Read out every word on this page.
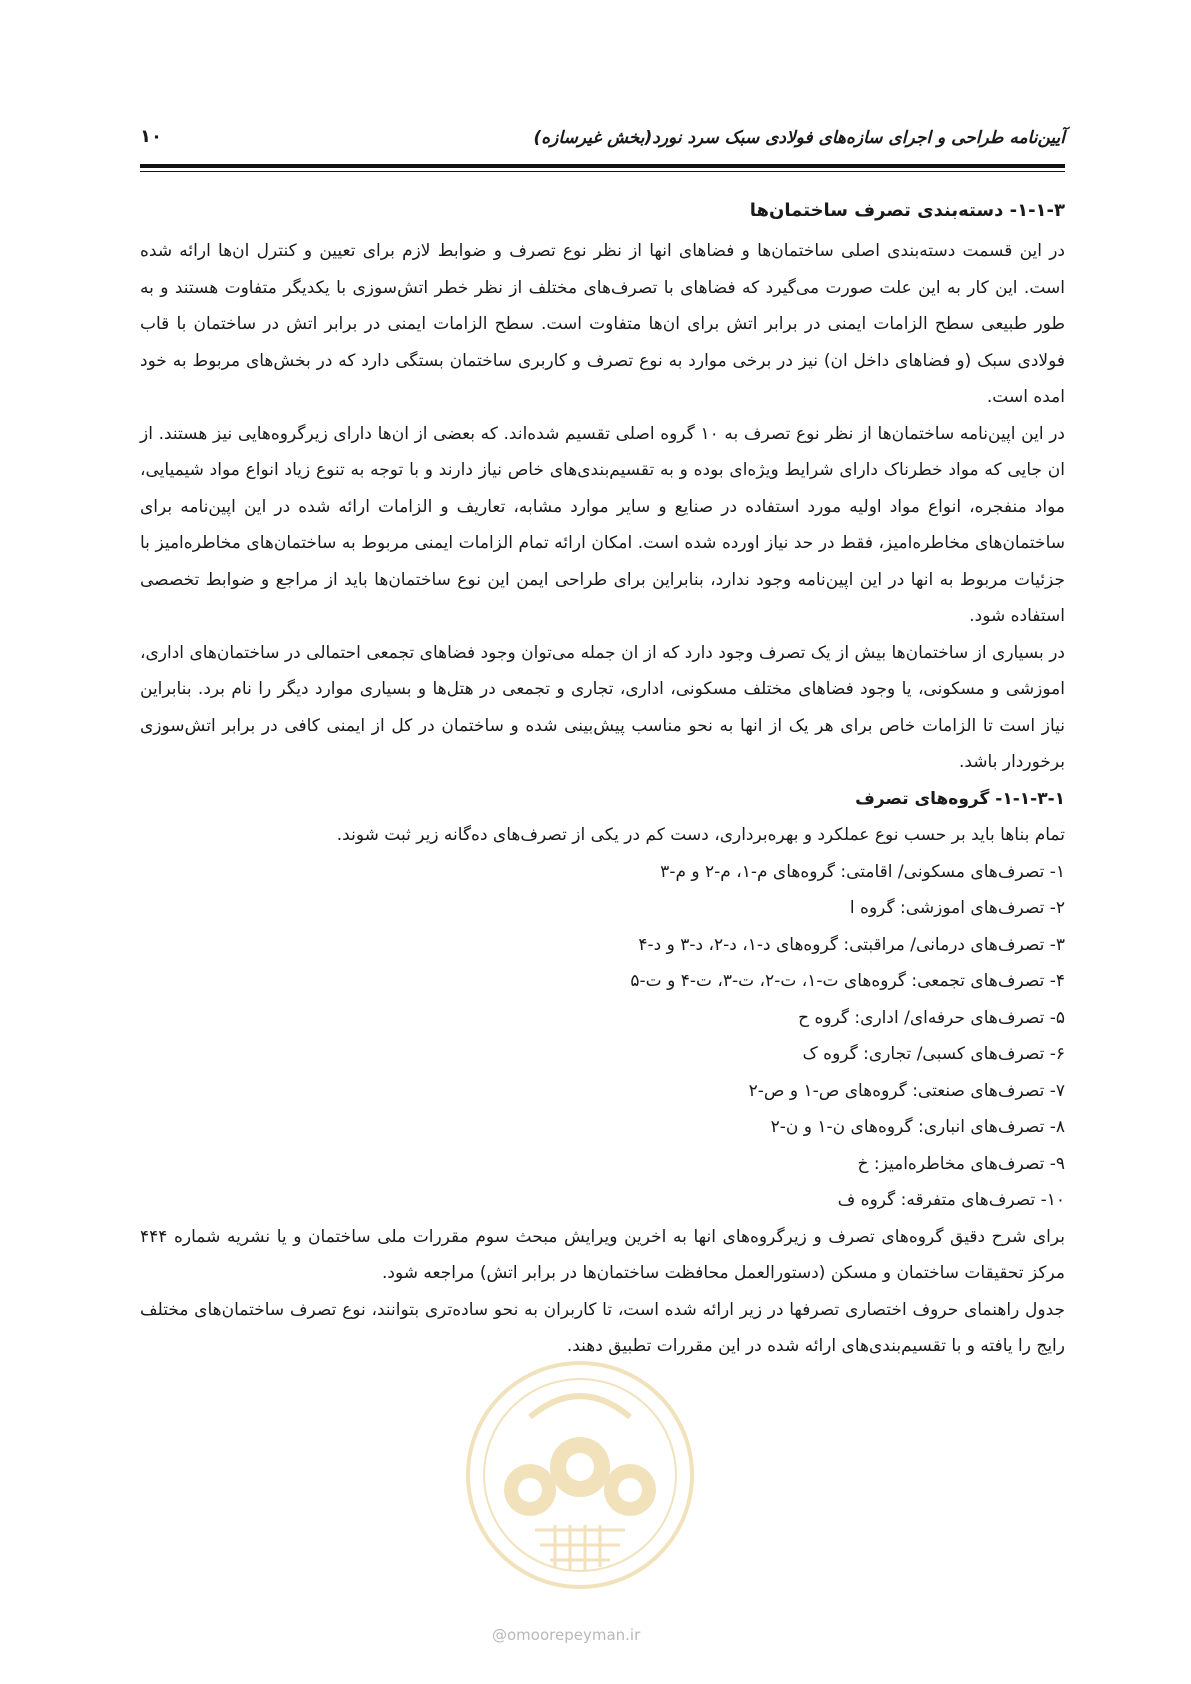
آیین‌نامه طراحی و اجرای سازه‌های فولادی سبک سرد نورد(بخش غیرسازه)
۱۰
۱-۱-۳- دسته‌بندی تصرف ساختمان‌ها

در این قسمت دسته‌بندی اصلی ساختمان‌ها و فضاهای انها از نظر نوع تصرف و ضوابط لازم برای تعیین و کنترل ان‌ها ارائه شده است. این کار به این علت صورت می‌گیرد که فضاهای با تصرف‌های مختلف از نظر خطر اتش‌سوزی با یکدیگر متفاوت هستند و به طور طبیعی سطح الزامات ایمنی در برابر اتش برای ان‌ها متفاوت است. سطح الزامات ایمنی در برابر اتش در ساختمان با قاب فولادی سبک (و فضاهای داخل ان) نیز در برخی موارد به نوع تصرف و کاربری ساختمان بستگی دارد که در بخش‌های مربوط به خود امده است.

در این اپین‌نامه ساختمان‌ها از نظر نوع تصرف به ۱۰ گروه اصلی تقسیم شده‌اند. که بعضی از ان‌ها دارای زیرگروه‌هایی نیز هستند. از ان جایی که مواد خطرناک دارای شرایط ویژه‌ای بوده و به تقسیم‌بندی‌های خاص نیاز دارند و با توجه به تنوع زیاد انواع مواد شیمیایی، مواد منفجره، انواع مواد اولیه مورد استفاده در صنایع و سایر موارد مشابه، تعاریف و الزامات ارائه شده در این اپین‌نامه برای ساختمان‌های مخاطره‌امیز، فقط در حد نیاز اورده شده است. امکان ارائه تمام الزامات ایمنی مربوط به ساختمان‌های مخاطره‌امیز با جزئیات مربوط به انها در این اپین‌نامه وجود ندارد، بنابراین برای طراحی ایمن این نوع ساختمان‌ها باید از مراجع و ضوابط تخصصی استفاده شود.

در بسیاری از ساختمان‌ها بیش از یک تصرف وجود دارد که از ان جمله می‌توان وجود فضاهای تجمعی احتمالی در ساختمان‌های اداری، اموزشی و مسکونی، یا وجود فضاهای مختلف مسکونی، اداری، تجاری و تجمعی در هتل‌ها و بسیاری موارد دیگر را نام برد. بنابراین نیاز است تا الزامات خاص برای هر یک از انها به نحو مناسب پیش‌بینی شده و ساختمان در کل از ایمنی کافی در برابر اتش‌سوزی برخوردار باشد.

۱-۱-۳-۱- گروه‌های تصرف

تمام بناها باید بر حسب نوع عملکرد و بهره‌برداری، دست کم در یکی از تصرف‌های ده‌گانه زیر ثبت شوند.

۱- تصرف‌های مسکونی/ اقامتی: گروه‌های م-۱، م-۲ و م-۳
۲- تصرف‌های اموزشی: گروه ا
۳- تصرف‌های درمانی/ مراقبتی: گروه‌های د-۱، د-۲، د-۳ و د-۴
۴- تصرف‌های تجمعی: گروه‌های ت-۱، ت-۲، ت-۳، ت-۴ و ت-۵
۵- تصرف‌های حرفه‌ای/ اداری: گروه ح
۶- تصرف‌های کسبی/ تجاری: گروه ک
۷- تصرف‌های صنعتی: گروه‌های ص-۱ و ص-۲
۸- تصرف‌های انباری: گروه‌های ن-۱ و ن-۲
۹- تصرف‌های مخاطره‌امیز: خ
۱۰- تصرف‌های متفرقه: گروه ف

برای شرح دقیق گروه‌های تصرف و زیرگروه‌های انها به اخرین ویرایش مبحث سوم مقررات ملی ساختمان و یا نشریه شماره ۴۴۴ مرکز تحقیقات ساختمان و مسکن (دستورالعمل محافظت ساختمان‌ها در برابر اتش) مراجعه شود.

جدول راهنمای حروف اختصاری تصرفها در زیر ارائه شده است، تا کاربران به نحو ساده‌تری بتوانند، نوع تصرف ساختمان‌های مختلف رایج را یافته و با تقسیم‌بندی‌های ارائه شده در این مقررات تطبیق دهند.

@omoorepeyman.ir
